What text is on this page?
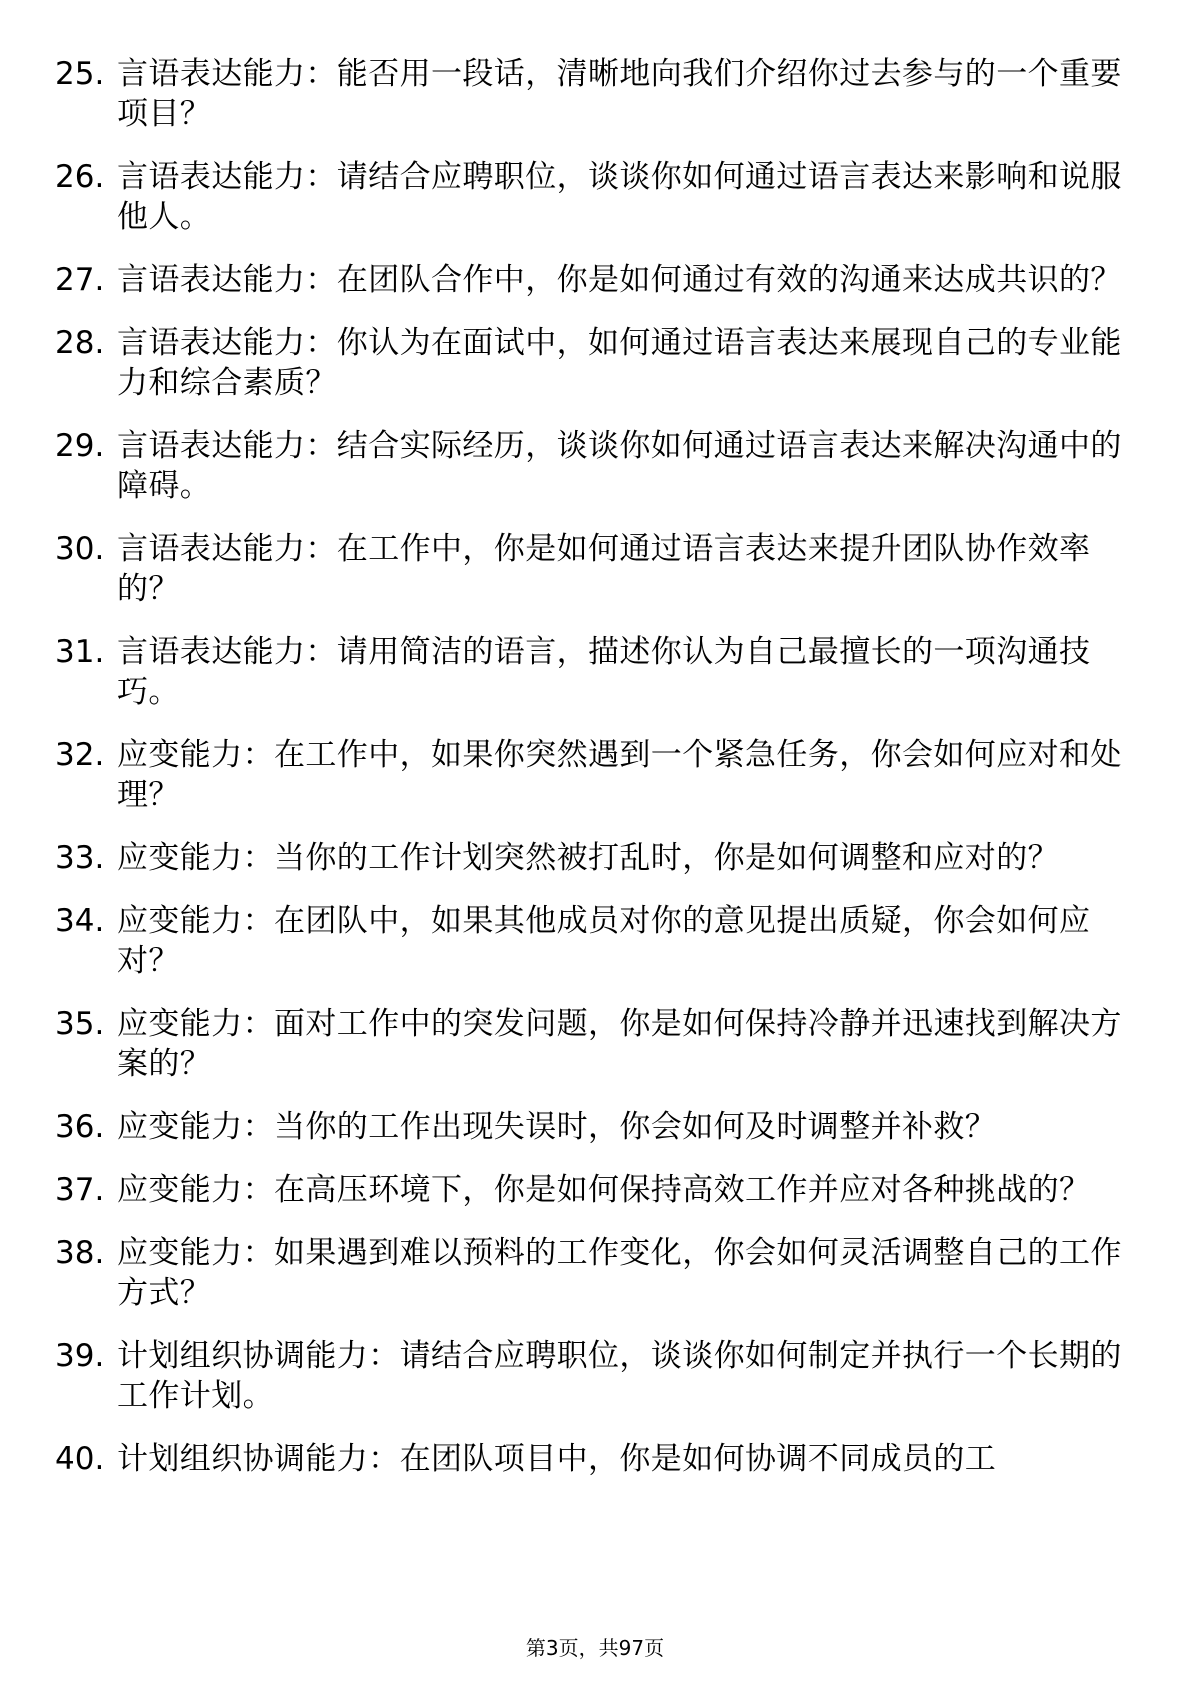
25. 言语表达能力：能否用一段话，清晰地向我们介绍你过去参与的一个重要项目？
26. 言语表达能力：请结合应聘职位，谈谈你如何通过语言表达来影响和说服他人。
27. 言语表达能力：在团队合作中，你是如何通过有效的沟通来达成共识的？
28. 言语表达能力：你认为在面试中，如何通过语言表达来展现自己的专业能力和综合素质？
29. 言语表达能力：结合实际经历，谈谈你如何通过语言表达来解决沟通中的障碍。
30. 言语表达能力：在工作中，你是如何通过语言表达来提升团队协作效率的？
31. 言语表达能力：请用简洁的语言，描述你认为自己最擅长的一项沟通技巧。
32. 应变能力：在工作中，如果你突然遇到一个紧急任务，你会如何应对和处理？
33. 应变能力：当你的工作计划突然被打乱时，你是如何调整和应对的？
34. 应变能力：在团队中，如果其他成员对你的意见提出质疑，你会如何应对？
35. 应变能力：面对工作中的突发问题，你是如何保持冷静并迅速找到解决方案的？
36. 应变能力：当你的工作出现失误时，你会如何及时调整并补救？
37. 应变能力：在高压环境下，你是如何保持高效工作并应对各种挑战的？
38. 应变能力：如果遇到难以预料的工作变化，你会如何灵活调整自己的工作方式？
39. 计划组织协调能力：请结合应聘职位，谈谈你如何制定并执行一个长期的工作计划。
40. 计划组织协调能力：在团队项目中，你是如何协调不同成员的工
第3页，共97页
